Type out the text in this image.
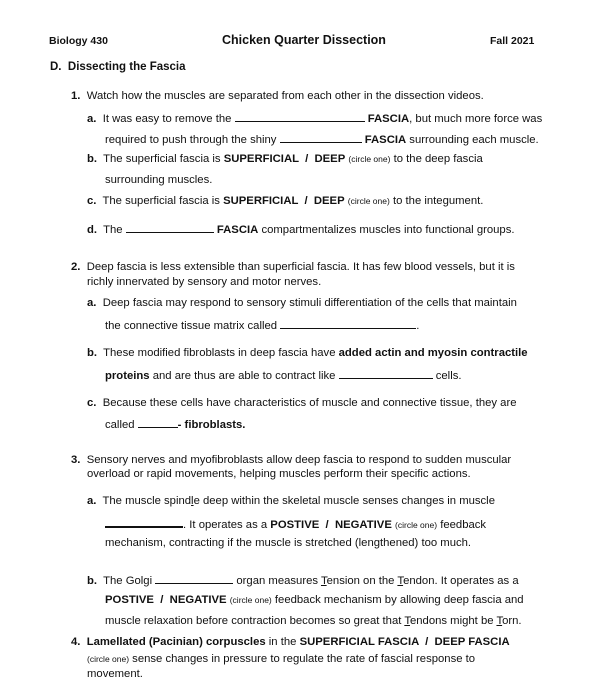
Biology 430	Chicken Quarter Dissection	Fall 2021
D. Dissecting the Fascia
1. Watch how the muscles are separated from each other in the dissection videos.
a. It was easy to remove the	FASCIA, but much more force was
required to push through the shiny	FASCIA surrounding each muscle.
b. The superficial fascia is SUPERFICIAL  /  DEEP (circle one) to the deep fascia
surrounding muscles.
c. The superficial fascia is SUPERFICIAL  /  DEEP (circle one) to the integument.
d. The	FASCIA compartmentalizes muscles into functional groups.
2. Deep fascia is less extensible than superficial fascia. It has few blood vessels, but it is
richly innervated by sensory and motor nerves.
a. Deep fascia may respond to sensory stimuli differentiation of the cells that maintain
the connective tissue matrix called	.
b. These modified fibroblasts in deep fascia have added actin and myosin contractile
proteins and are thus are able to contract like	cells.
c. Because these cells have characteristics of muscle and connective tissue, they are
called	- fibroblasts.
3. Sensory nerves and myofibroblasts allow deep fascia to respond to sudden muscular
overload or rapid movements, helping muscles perform their specific actions.
a. The muscle spindle deep within the skeletal muscle senses changes in muscle
. It operates as a POSTIVE  /  NEGATIVE (circle one) feedback
mechanism, contracting if the muscle is stretched (lengthened) too much.
b. The Golgi	organ measures Tension on the Tendon. It operates as a
POSTIVE  /  NEGATIVE (circle one) feedback mechanism by allowing deep fascia and
muscle relaxation before contraction becomes so great that Tendons might be Torn.
4. Lamellated (Pacinian) corpuscles in the SUPERFICIAL FASCIA  /  DEEP FASCIA
(circle one) sense changes in pressure to regulate the rate of fascial response to
movement.
